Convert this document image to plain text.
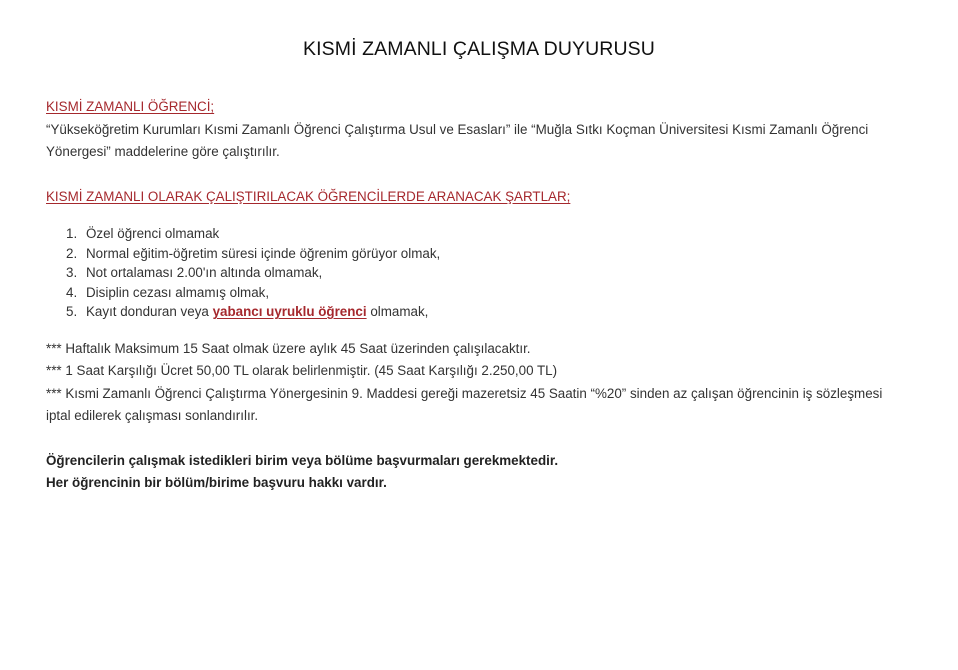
KISMİ ZAMANLI ÇALIŞMA DUYURUSU

KISMİ ZAMANLI ÖĞRENCİ;

“Yükseköğretim Kurumları Kısmi Zamanlı Öğrenci Çalıştırma Usul ve Esasları” ile “Muğla Sıtkı Koçman Üniversitesi Kısmi Zamanlı Öğrenci Yönergesi” maddelerine göre çalıştırılır.

KISMİ ZAMANLI OLARAK ÇALIŞTIRILACAK ÖĞRENCİLERDE ARANACAK ŞARTLAR;

1. Özel öğrenci olmamak
2. Normal eğitim-öğretim süresi içinde öğrenim görüyor olmak,
3. Not ortalaması 2.00'ın altında olmamak,
4. Disiplin cezası almamış olmak,
5. Kayıt donduran veya yabancı uyruklu öğrenci olmamak,

*** Haftalık Maksimum 15 Saat olmak üzere aylık 45 Saat üzerinden çalışılacaktır.

*** 1 Saat Karşılığı Ücret 50,00 TL olarak belirlenmiştir. (45 Saat Karşılığı 2.250,00 TL)

*** Kısmi Zamanlı Öğrenci Çalıştırma Yönergesinin 9. Maddesi gereği mazeretsiz 45 Saatin “%20” sinden az çalışan öğrencinin iş sözleşmesi iptal edilerek çalışması sonlandırılır.

Öğrencilerin çalışmak istedikleri birim veya bölüme başvurmaları gerekmektedir.

Her öğrencinin bir bölüm/birime başvuru hakkı vardır.
